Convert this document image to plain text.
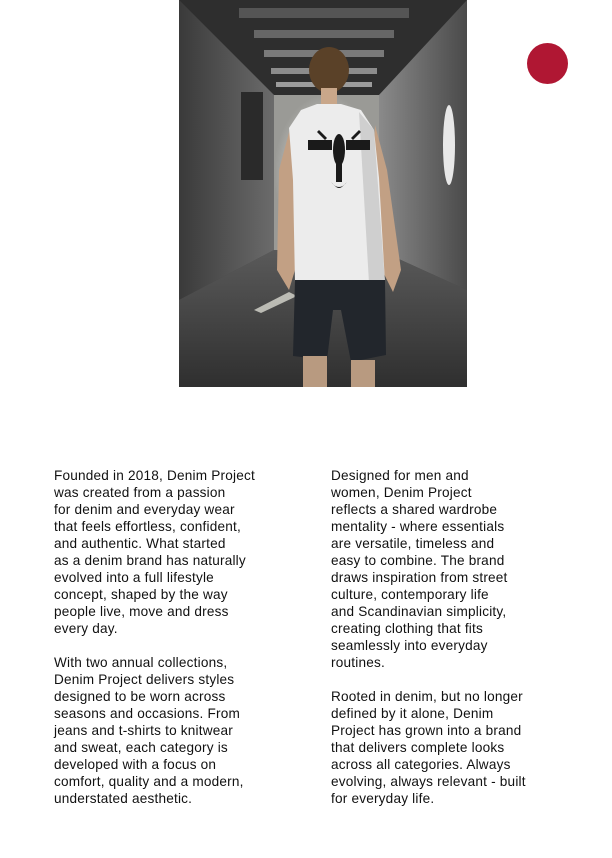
Founded in 2018, Denim Project
was created from a passion
for denim and everyday wear
that feels effortless, confident,
and authentic. What started
as a denim brand has naturally
evolved into a full lifestyle
concept, shaped by the way
people live, move and dress
every day.
With two annual collections,
Denim Project delivers styles
designed to be worn across
seasons and occasions. From
jeans and t-shirts to knitwear
and sweat, each category is
developed with a focus on
comfort, quality and a modern,
understated aesthetic.
Designed for men and
women, Denim Project
reflects a shared wardrobe
mentality - where essentials
are versatile, timeless and
easy to combine. The brand
draws inspiration from street
culture, contemporary life
and Scandinavian simplicity,
creating clothing that fits
seamlessly into everyday
routines.
Rooted in denim, but no longer
defined by it alone, Denim
Project has grown into a brand
that delivers complete looks
across all categories. Always
evolving, always relevant - built
for everyday life.
